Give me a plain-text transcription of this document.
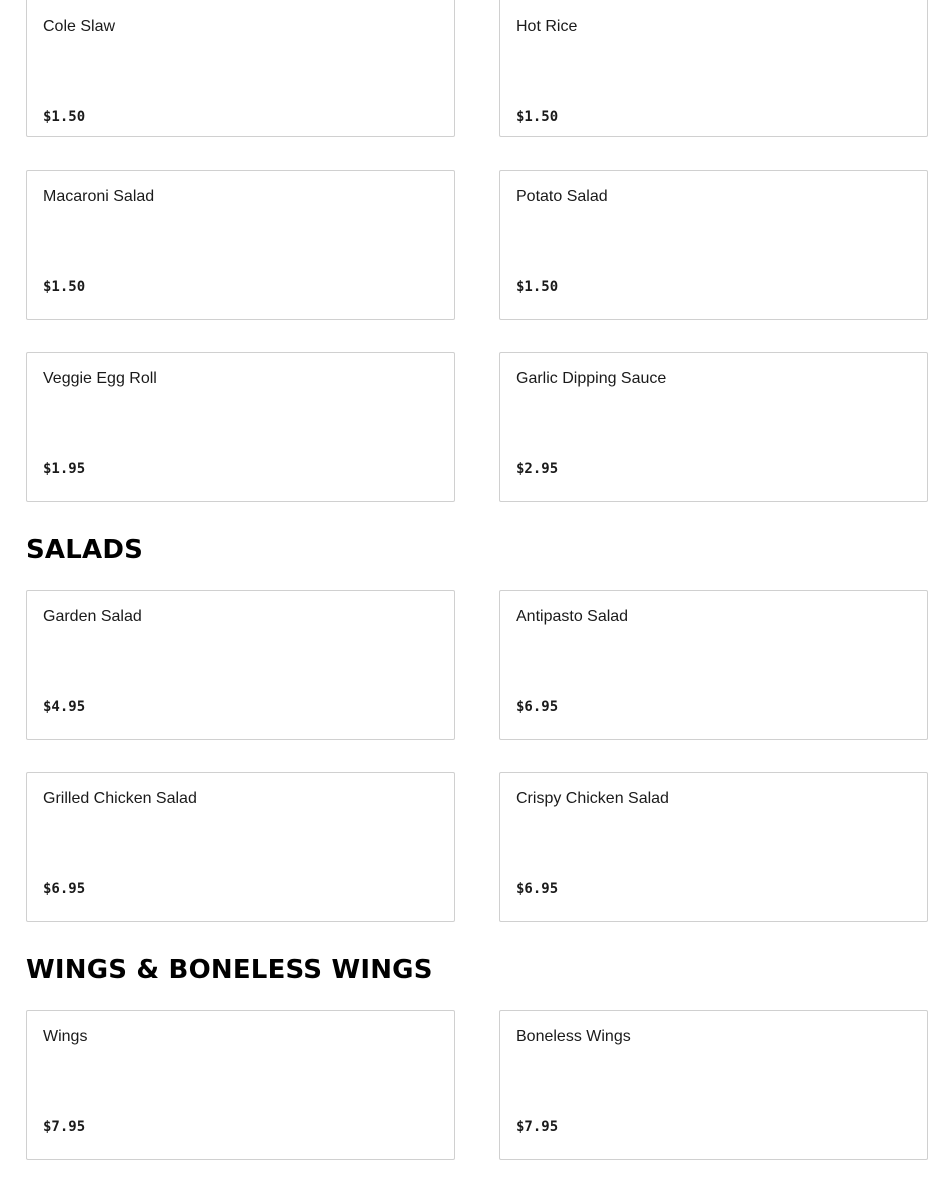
Cole Slaw
$1.50
Hot Rice
$1.50
Macaroni Salad
$1.50
Potato Salad
$1.50
Veggie Egg Roll
$1.95
Garlic Dipping Sauce
$2.95
SALADS
Garden Salad
$4.95
Antipasto Salad
$6.95
Grilled Chicken Salad
$6.95
Crispy Chicken Salad
$6.95
WINGS & BONELESS WINGS
Wings
$7.95
Boneless Wings
$7.95
